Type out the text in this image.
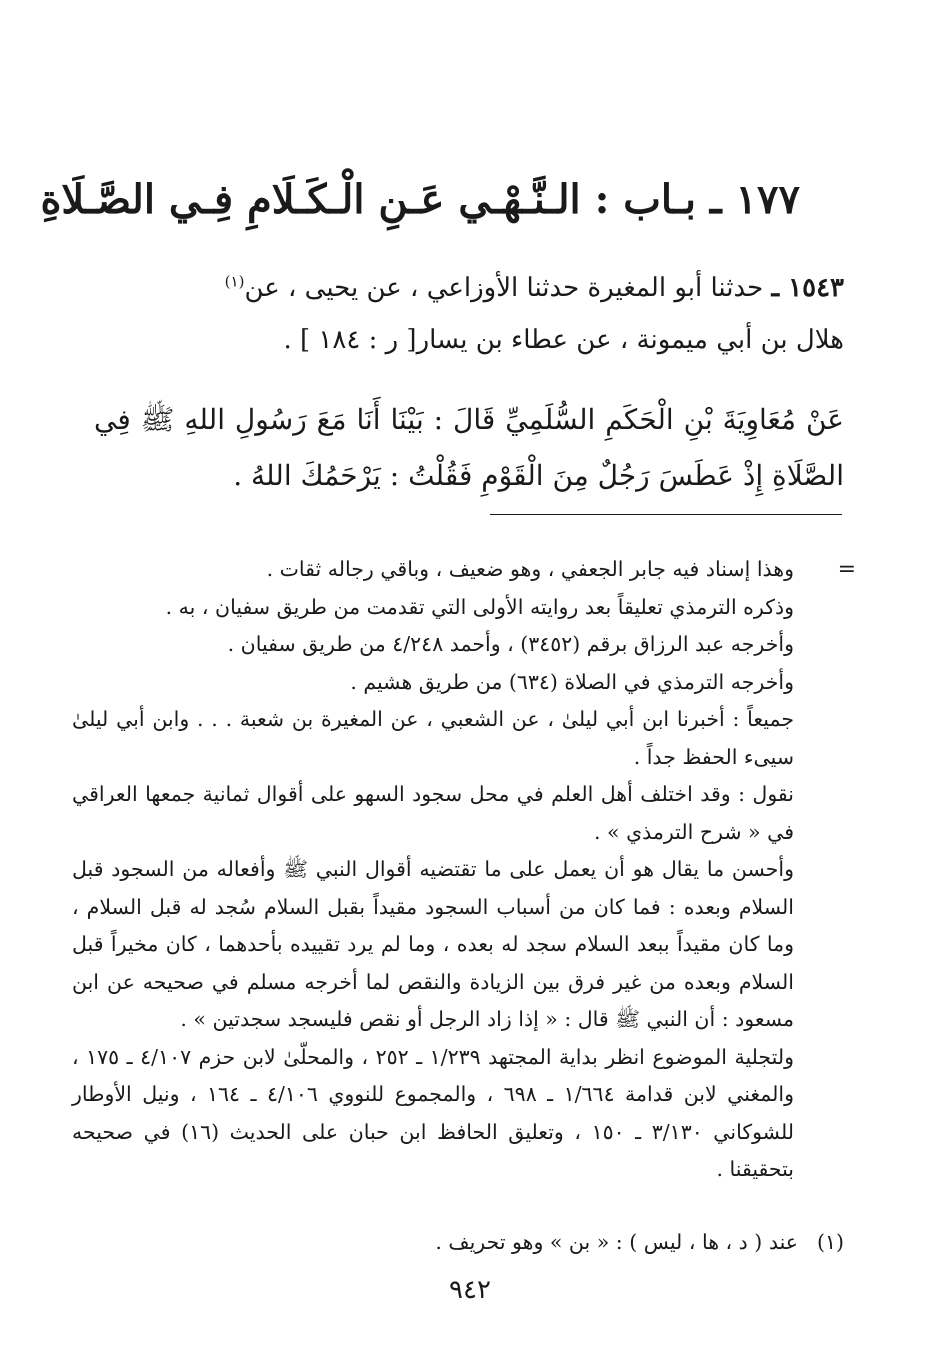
١٧٧ ـ بـاب : الـنَّـهْـي عَـنِ الْـكَـلَامِ فِـي الصَّـلَاةِ
١٥٤٣ ـ حدثنا أبو المغيرة حدثنا الأوزاعي ، عن يحيى ، عن$^{(١)}$
هلال بن أبي ميمونة ، عن عطاء بن يسار[ ر : ١٨٤ ] .
عَنْ مُعَاوِيَةَ بْنِ الْحَكَمِ السُّلَمِيِّ قَالَ : بَيْنَا أَنَا مَعَ رَسُولِ اللهِ ﷺ فِي الصَّلَاةِ إِذْ عَطَسَ رَجُلٌ مِنَ الْقَوْمِ فَقُلْتُ : يَرْحَمُكَ اللهُ .
=

وهذا إسناد فيه جابر الجعفي ، وهو ضعيف ، وباقي رجاله ثقات .

وذكره الترمذي تعليقاً بعد روايته الأولى التي تقدمت من طريق سفيان ، به .

وأخرجه عبد الرزاق برقم (٣٤٥٢) ، وأحمد ٤/٢٤٨ من طريق سفيان .

وأخرجه الترمذي في الصلاة (٦٣٤) من طريق هشيم .

جميعاً : أخبرنا ابن أبي ليلىٰ ، عن الشعبي ، عن المغيرة بن شعبة . . . وابن أبي ليلىٰ سيىء الحفظ جداً .

نقول : وقد اختلف أهل العلم في محل سجود السهو على أقوال ثمانية جمعها العراقي في « شرح الترمذي » .

وأحسن ما يقال هو أن يعمل على ما تقتضيه أقوال النبي ﷺ وأفعاله من السجود قبل السلام وبعده : فما كان من أسباب السجود مقيداً بقبل السلام سُجد له قبل السلام ، وما كان مقيداً ببعد السلام سجد له بعده ، وما لم يرد تقييده بأحدهما ، كان مخيراً قبل السلام وبعده من غير فرق بين الزيادة والنقص لما أخرجه مسلم في صحيحه عن ابن مسعود : أن النبي ﷺ قال : « إذا زاد الرجل أو نقص فليسجد سجدتين » .

ولتجلية الموضوع انظر بداية المجتهد ١/٢٣٩ ـ ٢٥٢ ، والمحلّىٰ لابن حزم ٤/١٠٧ ـ ١٧٥ ، والمغني لابن قدامة ١/٦٦٤ ـ ٦٩٨ ، والمجموع للنووي ٤/١٠٦ ـ ١٦٤ ، ونيل الأوطار للشوكاني ٣/١٣٠ ـ ١٥٠ ، وتعليق الحافظ ابن حبان على الحديث (١٦) في صحيحه بتحقيقنا .

(١)عند ( د ، ها ، ليس ) : « بن » وهو تحريف .
٩٤٢
